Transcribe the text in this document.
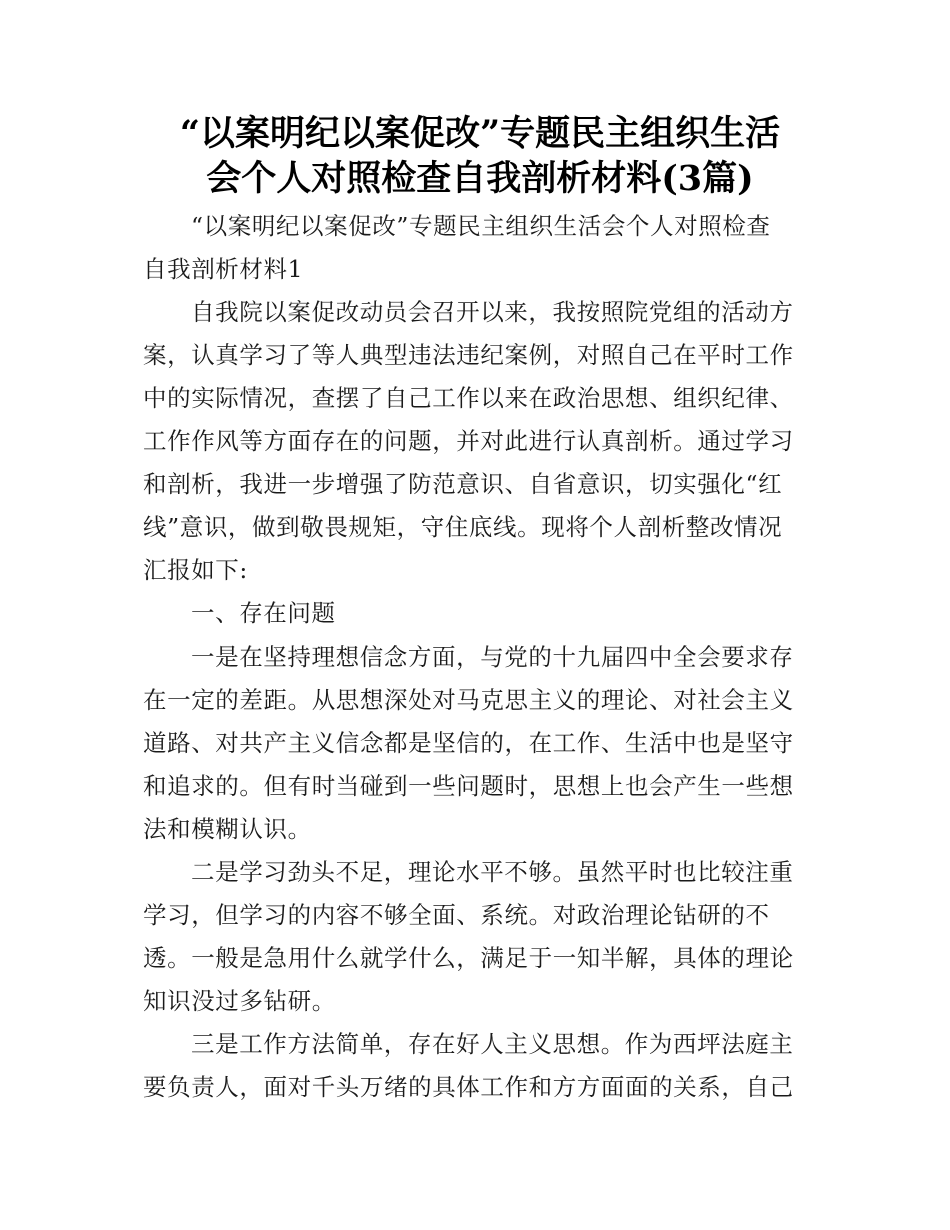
“以案明纪以案促改”专题民主组织生活
会个人对照检查自我剖析材料(3篇)
“以案明纪以案促改”专题民主组织生活会个人对照检查
自我剖析材料1
自我院以案促改动员会召开以来，我按照院党组的活动方
案，认真学习了等人典型违法违纪案例，对照自己在平时工作
中的实际情况，查摆了自己工作以来在政治思想、组织纪律、
工作作风等方面存在的问题，并对此进行认真剖析。通过学习
和剖析，我进一步增强了防范意识、自省意识，切实强化“红
线”意识，做到敬畏规矩，守住底线。现将个人剖析整改情况
汇报如下:
一、存在问题
一是在坚持理想信念方面，与党的十九届四中全会要求存
在一定的差距。从思想深处对马克思主义的理论、对社会主义
道路、对共产主义信念都是坚信的，在工作、生活中也是坚守
和追求的。但有时当碰到一些问题时，思想上也会产生一些想
法和模糊认识。
二是学习劲头不足，理论水平不够。虽然平时也比较注重
学习，但学习的内容不够全面、系统。对政治理论钻研的不
透。一般是急用什么就学什么，满足于一知半解，具体的理论
知识没过多钻研。
三是工作方法简单，存在好人主义思想。作为西坪法庭主
要负责人，面对千头万绪的具体工作和方方面面的关系，自己
